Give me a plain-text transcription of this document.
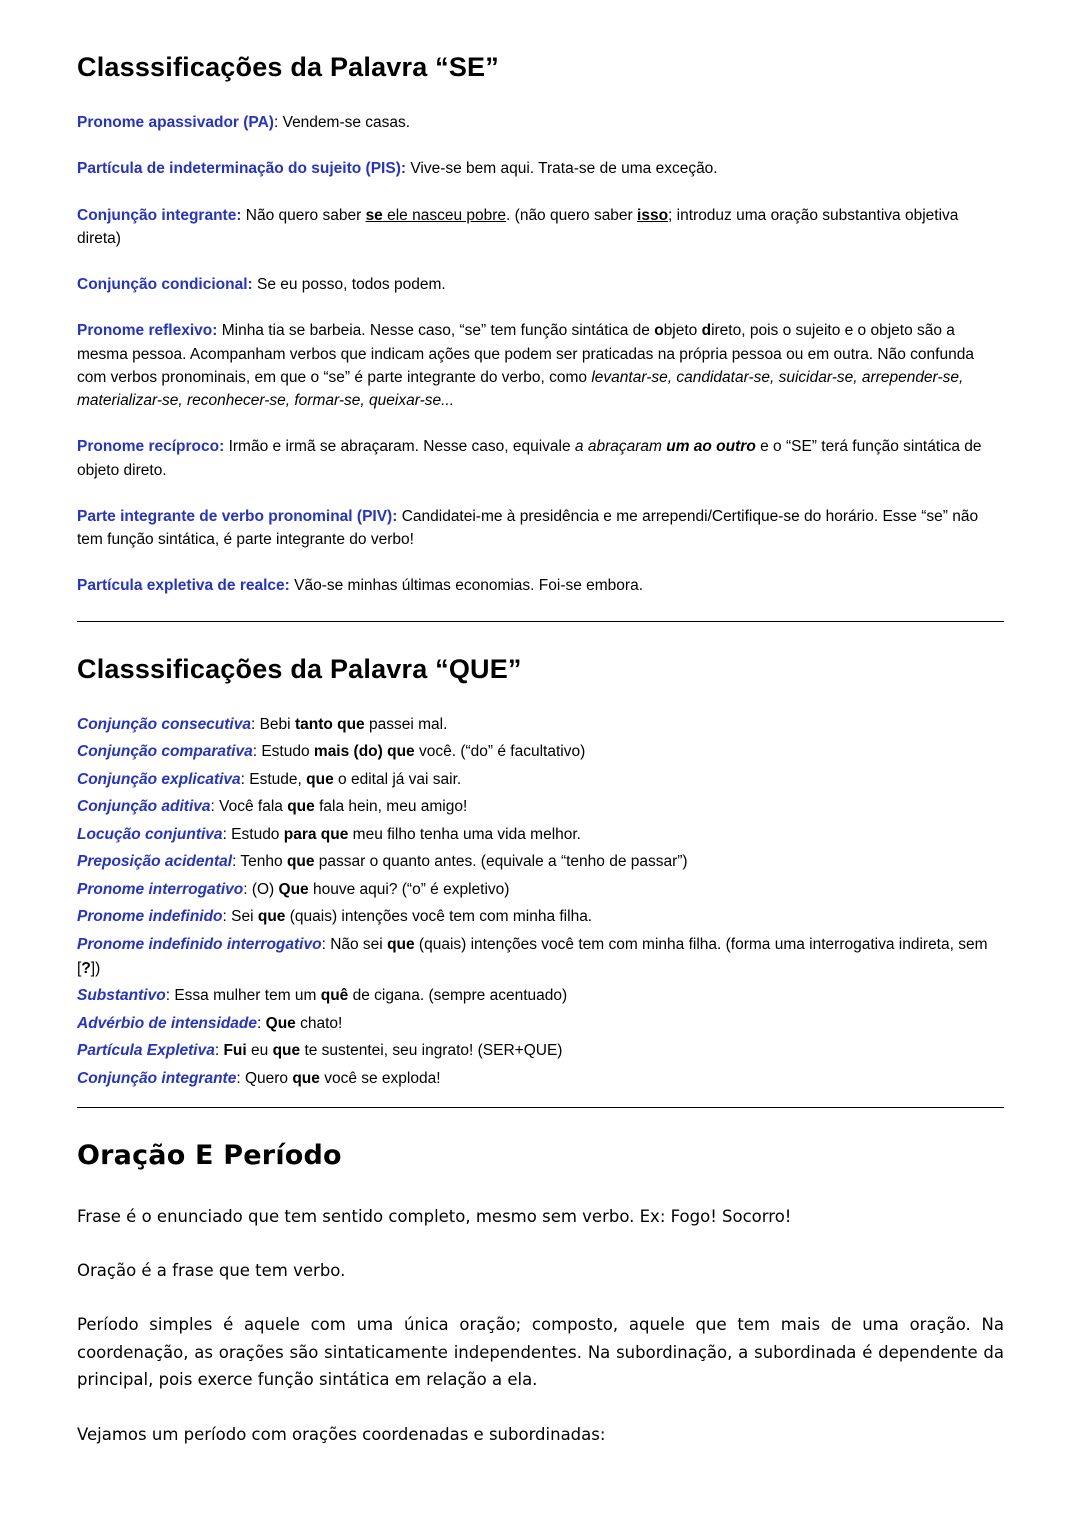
Classsificações da Palavra “SE”

Pronome apassivador (PA): Vendem-se casas.

Partícula de indeterminação do sujeito (PIS): Vive-se bem aqui. Trata-se de uma exceção.

Conjunção integrante: Não quero saber se ele nasceu pobre. (não quero saber isso; introduz uma oração substantiva objetiva direta)

Conjunção condicional: Se eu posso, todos podem.

Pronome reflexivo: Minha tia se barbeia. Nesse caso, “se” tem função sintática de objeto direto, pois o sujeito e o objeto são a mesma pessoa. Acompanham verbos que indicam ações que podem ser praticadas na própria pessoa ou em outra. Não confunda com verbos pronominais, em que o “se” é parte integrante do verbo, como levantar-se, candidatar-se, suicidar-se, arrepender-se, materializar-se, reconhecer-se, formar-se, queixar-se...

Pronome recíproco: Irmão e irmã se abraçaram. Nesse caso, equivale a abraçaram um ao outro e o “SE” terá função sintática de objeto direto.

Parte integrante de verbo pronominal (PIV): Candidatei-me à presidência e me arrependi/Certifique-se do horário. Esse “se” não tem função sintática, é parte integrante do verbo!

Partícula expletiva de realce: Vão-se minhas últimas economias. Foi-se embora.

Classsificações da Palavra “QUE”

Conjunção consecutiva: Bebi tanto que passei mal.

Conjunção comparativa: Estudo mais (do) que você. (“do” é facultativo)

Conjunção explicativa: Estude, que o edital já vai sair.

Conjunção aditiva: Você fala que fala hein, meu amigo!

Locução conjuntiva: Estudo para que meu filho tenha uma vida melhor.

Preposição acidental: Tenho que passar o quanto antes. (equivale a “tenho de passar”)

Pronome interrogativo: (O) Que houve aqui? (“o” é expletivo)

Pronome indefinido: Sei que (quais) intenções você tem com minha filha.

Pronome indefinido interrogativo: Não sei que (quais) intenções você tem com minha filha. (forma uma interrogativa indireta, sem [?])

Substantivo: Essa mulher tem um quê de cigana. (sempre acentuado)

Advérbio de intensidade: Que chato!

Partícula Expletiva: Fui eu que te sustentei, seu ingrato! (SER+QUE)

Conjunção integrante: Quero que você se exploda!

Oração E Período

Frase é o enunciado que tem sentido completo, mesmo sem verbo. Ex: Fogo! Socorro!

Oração é a frase que tem verbo.

Período simples é aquele com uma única oração; composto, aquele que tem mais de uma oração. Na coordenação, as orações são sintaticamente independentes. Na subordinação, a subordinada é dependente da principal, pois exerce função sintática em relação a ela.

Vejamos um período com orações coordenadas e subordinadas:
